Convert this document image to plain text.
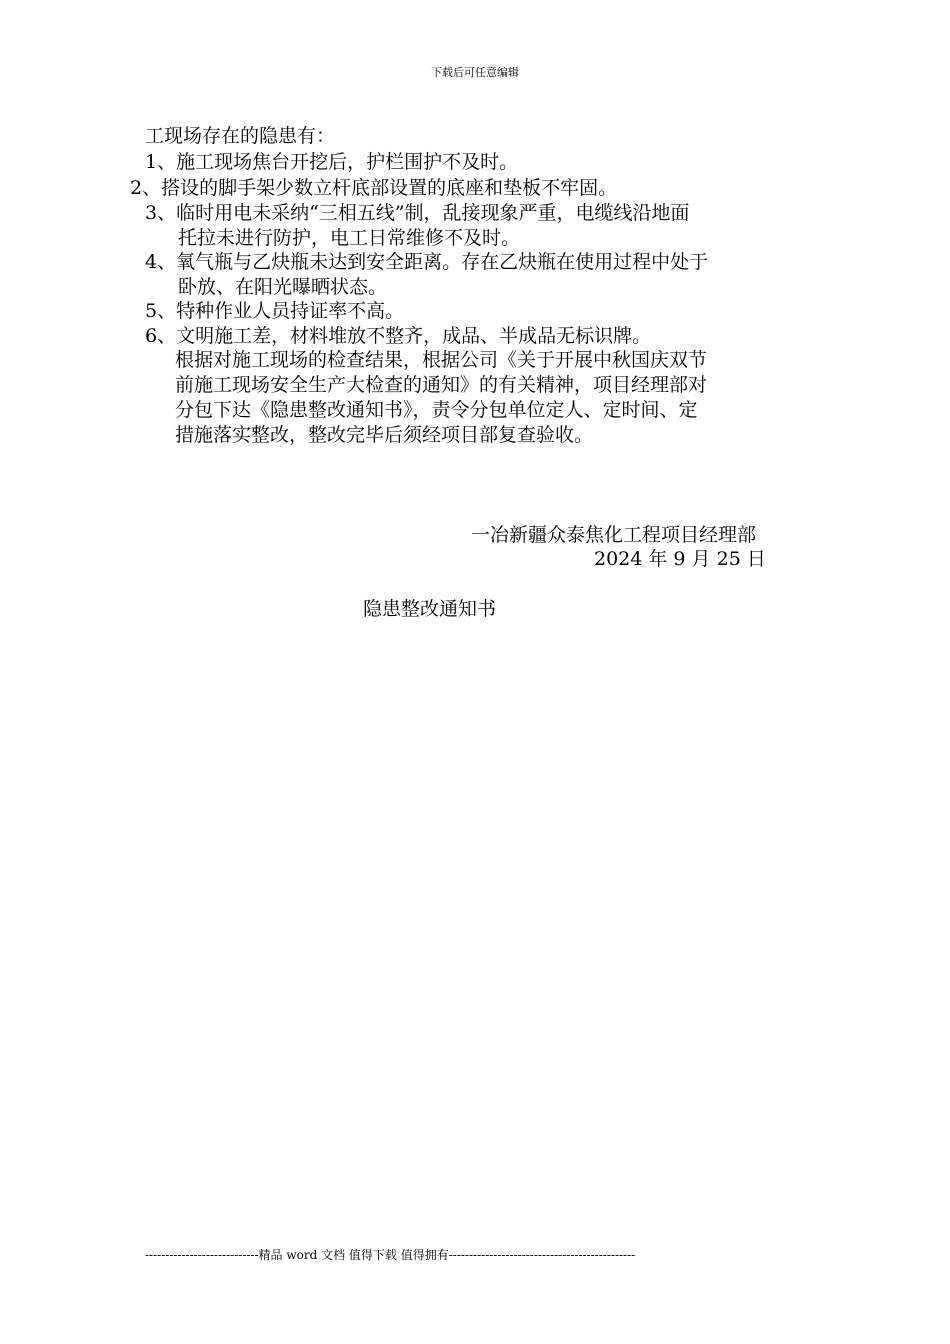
下载后可任意编辑
工现场存在的隐患有：
1、施工现场焦台开挖后，护栏围护不及时。
2、搭设的脚手架少数立杆底部设置的底座和垫板不牢固。
3、临时用电未采纳“三相五线”制，乱接现象严重，电缆线沿地面
托拉未进行防护，电工日常维修不及时。
4、氧气瓶与乙炔瓶未达到安全距离。存在乙炔瓶在使用过程中处于
卧放、在阳光曝晒状态。
5、特种作业人员持证率不高。
6、文明施工差，材料堆放不整齐，成品、半成品无标识牌。
根据对施工现场的检查结果，根据公司《关于开展中秋国庆双节
前施工现场安全生产大检查的通知》的有关精神，项目经理部对
分包下达《隐患整改通知书》，责令分包单位定人、定时间、定
措施落实整改，整改完毕后须经项目部复查验收。
一冶新疆众泰焦化工程项目经理部
2024 年 9 月 25 日
隐患整改通知书
----------------------------精品 word 文档 值得下载 值得拥有----------------------------------------------
